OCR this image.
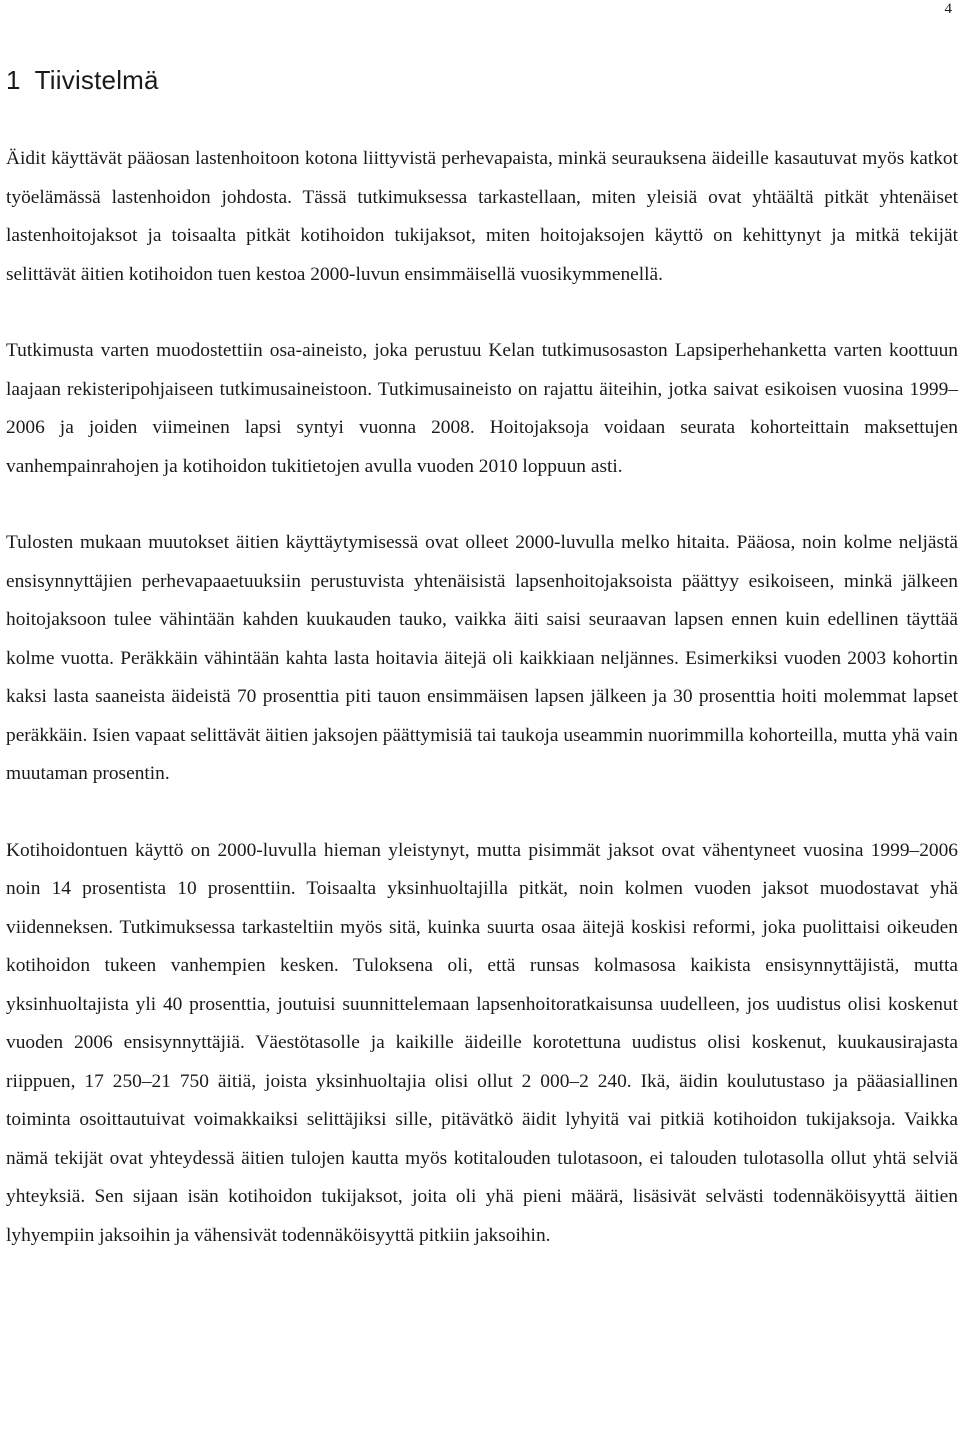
4
1 Tiivistelmä

Äidit käyttävät pääosan lastenhoitoon kotona liittyvistä perhevapaista, minkä seurauksena äideille kasautuvat myös katkot työelämässä lastenhoidon johdosta. Tässä tutkimuksessa tarkastellaan, miten yleisiä ovat yhtäältä pitkät yhtenäiset lastenhoitojaksot ja toisaalta pitkät kotihoidon tukijaksot, miten hoitojaksojen käyttö on kehittynyt ja mitkä tekijät selittävät äitien kotihoidon tuen kestoa 2000-luvun ensimmäisellä vuosikymmenellä.

Tutkimusta varten muodostettiin osa-aineisto, joka perustuu Kelan tutkimusosaston Lapsiperhehanketta varten koottuun laajaan rekisteripohjaiseen tutkimusaineistoon. Tutkimusaineisto on rajattu äiteihin, jotka saivat esikoisen vuosina 1999–2006 ja joiden viimeinen lapsi syntyi vuonna 2008. Hoitojaksoja voidaan seurata kohorteittain maksettujen vanhempainrahojen ja kotihoidon tukitietojen avulla vuoden 2010 loppuun asti.

Tulosten mukaan muutokset äitien käyttäytymisessä ovat olleet 2000-luvulla melko hitaita. Pääosa, noin kolme neljästä ensisynnyttäjien perhevapaaetuuksiin perustuvista yhtenäisistä lapsenhoitojaksoista päättyy esikoiseen, minkä jälkeen hoitojaksoon tulee vähintään kahden kuukauden tauko, vaikka äiti saisi seuraavan lapsen ennen kuin edellinen täyttää kolme vuotta. Peräkkäin vähintään kahta lasta hoitavia äitejä oli kaikkiaan neljännes. Esimerkiksi vuoden 2003 kohortin kaksi lasta saaneista äideistä 70 prosenttia piti tauon ensimmäisen lapsen jälkeen ja 30 prosenttia hoiti molemmat lapset peräkkäin. Isien vapaat selittävät äitien jaksojen päättymisiä tai taukoja useammin nuorimmilla kohorteilla, mutta yhä vain muutaman prosentin.

Kotihoidontuen käyttö on 2000-luvulla hieman yleistynyt, mutta pisimmät jaksot ovat vähentyneet vuosina 1999–2006 noin 14 prosentista 10 prosenttiin. Toisaalta yksinhuoltajilla pitkät, noin kolmen vuoden jaksot muodostavat yhä viidenneksen. Tutkimuksessa tarkasteltiin myös sitä, kuinka suurta osaa äitejä koskisi reformi, joka puolittaisi oikeuden kotihoidon tukeen vanhempien kesken. Tuloksena oli, että runsas kolmasosa kaikista ensisynnyttäjistä, mutta yksinhuoltajista yli 40 prosenttia, joutuisi suunnittelemaan lapsenhoitoratkaisunsa uudelleen, jos uudistus olisi koskenut vuoden 2006 ensisynnyttäjiä. Väestötasolle ja kaikille äideille korotettuna uudistus olisi koskenut, kuukausirajasta riippuen, 17 250–21 750 äitiä, joista yksinhuoltajia olisi ollut 2 000–2 240. Ikä, äidin koulutustaso ja pääasiallinen toiminta osoittautuivat voimakkaiksi selittäjiksi sille, pitävätkö äidit lyhyitä vai pitkiä kotihoidon tukijaksoja. Vaikka nämä tekijät ovat yhteydessä äitien tulojen kautta myös kotitalouden tulotasoon, ei talouden tulotasolla ollut yhtä selviä yhteyksiä. Sen sijaan isän kotihoidon tukijaksot, joita oli yhä pieni määrä, lisäsivät selvästi todennäköisyyttä äitien lyhyempiin jaksoihin ja vähensivät todennäköisyyttä pitkiin jaksoihin.
